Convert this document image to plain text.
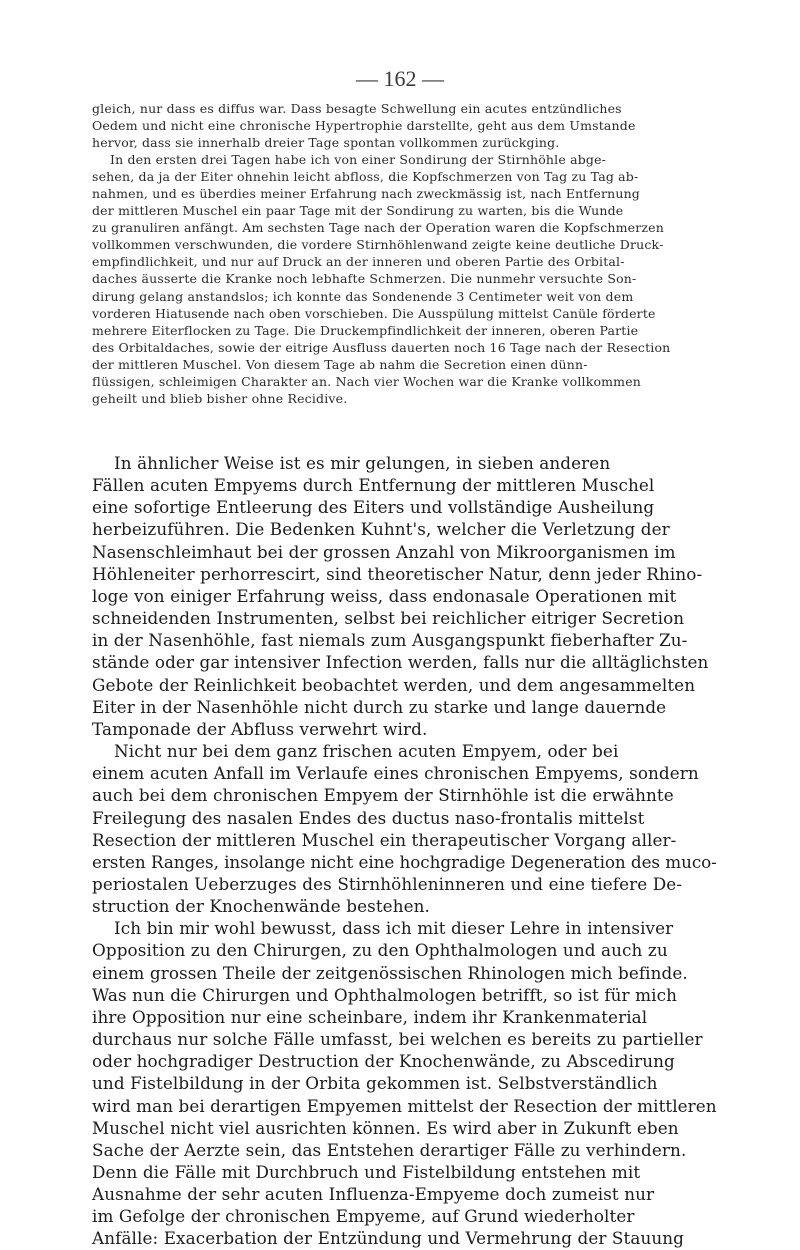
— 162 —
gleich, nur dass es diffus war. Dass besagte Schwellung ein acutes entzündliches
Oedem und nicht eine chronische Hypertrophie darstellte, geht aus dem Umstande
hervor, dass sie innerhalb dreier Tage spontan vollkommen zurückging.
In den ersten drei Tagen habe ich von einer Sondirung der Stirnhöhle abge-
sehen, da ja der Eiter ohnehin leicht abfloss, die Kopfschmerzen von Tag zu Tag ab-
nahmen, und es überdies meiner Erfahrung nach zweckmässig ist, nach Entfernung
der mittleren Muschel ein paar Tage mit der Sondirung zu warten, bis die Wunde
zu granuliren anfängt. Am sechsten Tage nach der Operation waren die Kopfschmerzen
vollkommen verschwunden, die vordere Stirnhöhlenwand zeigte keine deutliche Druck-
empfindlichkeit, und nur auf Druck an der inneren und oberen Partie des Orbital-
daches äusserte die Kranke noch lebhafte Schmerzen. Die nunmehr versuchte Son-
dirung gelang anstandslos; ich konnte das Sondenende 3 Centimeter weit von dem
vorderen Hiatusende nach oben vorschieben. Die Ausspülung mittelst Canüle förderte
mehrere Eiterflocken zu Tage. Die Druckempfindlichkeit der inneren, oberen Partie
des Orbitaldaches, sowie der eitrige Ausfluss dauerten noch 16 Tage nach der Resection
der mittleren Muschel. Von diesem Tage ab nahm die Secretion einen dünn-
flüssigen, schleimigen Charakter an. Nach vier Wochen war die Kranke vollkommen
geheilt und blieb bisher ohne Recidive.
In ähnlicher Weise ist es mir gelungen, in sieben anderen
Fällen acuten Empyems durch Entfernung der mittleren Muschel
eine sofortige Entleerung des Eiters und vollständige Ausheilung
herbeizuführen. Die Bedenken Kuhnt's, welcher die Verletzung der
Nasenschleimhaut bei der grossen Anzahl von Mikroorganismen im
Höhleneiter perhorrescirt, sind theoretischer Natur, denn jeder Rhino-
loge von einiger Erfahrung weiss, dass endonasale Operationen mit
schneidenden Instrumenten, selbst bei reichlicher eitriger Secretion
in der Nasenhöhle, fast niemals zum Ausgangspunkt fieberhafter Zu-
stände oder gar intensiver Infection werden, falls nur die alltäglichsten
Gebote der Reinlichkeit beobachtet werden, und dem angesammelten
Eiter in der Nasenhöhle nicht durch zu starke und lange dauernde
Tamponade der Abfluss verwehrt wird.
Nicht nur bei dem ganz frischen acuten Empyem, oder bei
einem acuten Anfall im Verlaufe eines chronischen Empyems, sondern
auch bei dem chronischen Empyem der Stirnhöhle ist die erwähnte
Freilegung des nasalen Endes des ductus naso-frontalis mittelst
Resection der mittleren Muschel ein therapeutischer Vorgang aller-
ersten Ranges, insolange nicht eine hochgradige Degeneration des muco-
periostalen Ueberzuges des Stirnhöhleninneren und eine tiefere De-
struction der Knochenwände bestehen.
Ich bin mir wohl bewusst, dass ich mit dieser Lehre in intensiver
Opposition zu den Chirurgen, zu den Ophthalmologen und auch zu
einem grossen Theile der zeitgenössischen Rhinologen mich befinde.
Was nun die Chirurgen und Ophthalmologen betrifft, so ist für mich
ihre Opposition nur eine scheinbare, indem ihr Krankenmaterial
durchaus nur solche Fälle umfasst, bei welchen es bereits zu partieller
oder hochgradiger Destruction der Knochenwände, zu Abscedirung
und Fistelbildung in der Orbita gekommen ist. Selbstverständlich
wird man bei derartigen Empyemen mittelst der Resection der mittleren
Muschel nicht viel ausrichten können. Es wird aber in Zukunft eben
Sache der Aerzte sein, das Entstehen derartiger Fälle zu verhindern.
Denn die Fälle mit Durchbruch und Fistelbildung entstehen mit
Ausnahme der sehr acuten Influenza-Empyeme doch zumeist nur
im Gefolge der chronischen Empyeme, auf Grund wiederholter
Anfälle: Exacerbation der Entzündung und Vermehrung der Stauung
